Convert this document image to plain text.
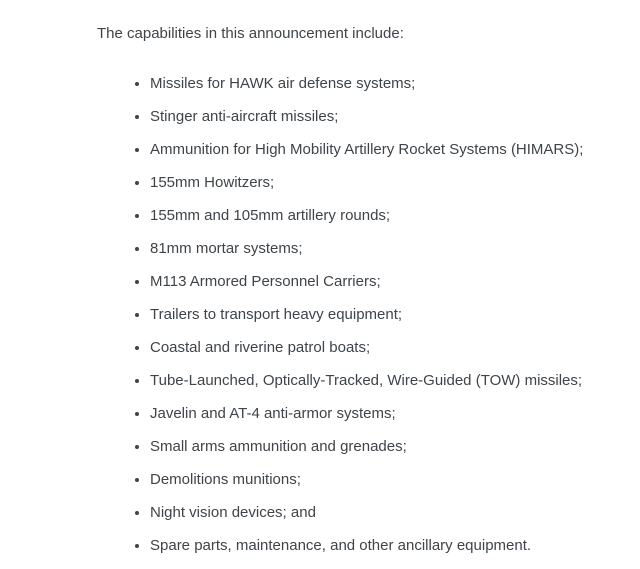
The capabilities in this announcement include:

• Missiles for HAWK air defense systems;
• Stinger anti-aircraft missiles;
• Ammunition for High Mobility Artillery Rocket Systems (HIMARS);
• 155mm Howitzers;
• 155mm and 105mm artillery rounds;
• 81mm mortar systems;
• M113 Armored Personnel Carriers;
• Trailers to transport heavy equipment;
• Coastal and riverine patrol boats;
• Tube-Launched, Optically-Tracked, Wire-Guided (TOW) missiles;
• Javelin and AT-4 anti-armor systems;
• Small arms ammunition and grenades;
• Demolitions munitions;
• Night vision devices; and
• Spare parts, maintenance, and other ancillary equipment.
